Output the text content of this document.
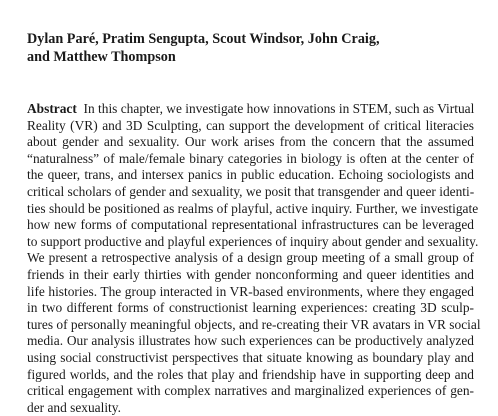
Dylan Paré, Pratim Sengupta, Scout Windsor, John Craig,
and Matthew Thompson
Abstract In this chapter, we investigate how innovations in STEM, such as Virtual
Reality (VR) and 3D Sculpting, can support the development of critical literacies
about gender and sexuality. Our work arises from the concern that the assumed
“naturalness” of male/female binary categories in biology is often at the center of
the queer, trans, and intersex panics in public education. Echoing sociologists and
critical scholars of gender and sexuality, we posit that transgender and queer identi-
ties should be positioned as realms of playful, active inquiry. Further, we investigate
how new forms of computational representational infrastructures can be leveraged
to support productive and playful experiences of inquiry about gender and sexuality.
We present a retrospective analysis of a design group meeting of a small group of
friends in their early thirties with gender nonconforming and queer identities and
life histories. The group interacted in VR-based environments, where they engaged
in two different forms of constructionist learning experiences: creating 3D sculp-
tures of personally meaningful objects, and re-creating their VR avatars in VR social
media. Our analysis illustrates how such experiences can be productively analyzed
using social constructivist perspectives that situate knowing as boundary play and
figured worlds, and the roles that play and friendship have in supporting deep and
critical engagement with complex narratives and marginalized experiences of gen-
der and sexuality.
